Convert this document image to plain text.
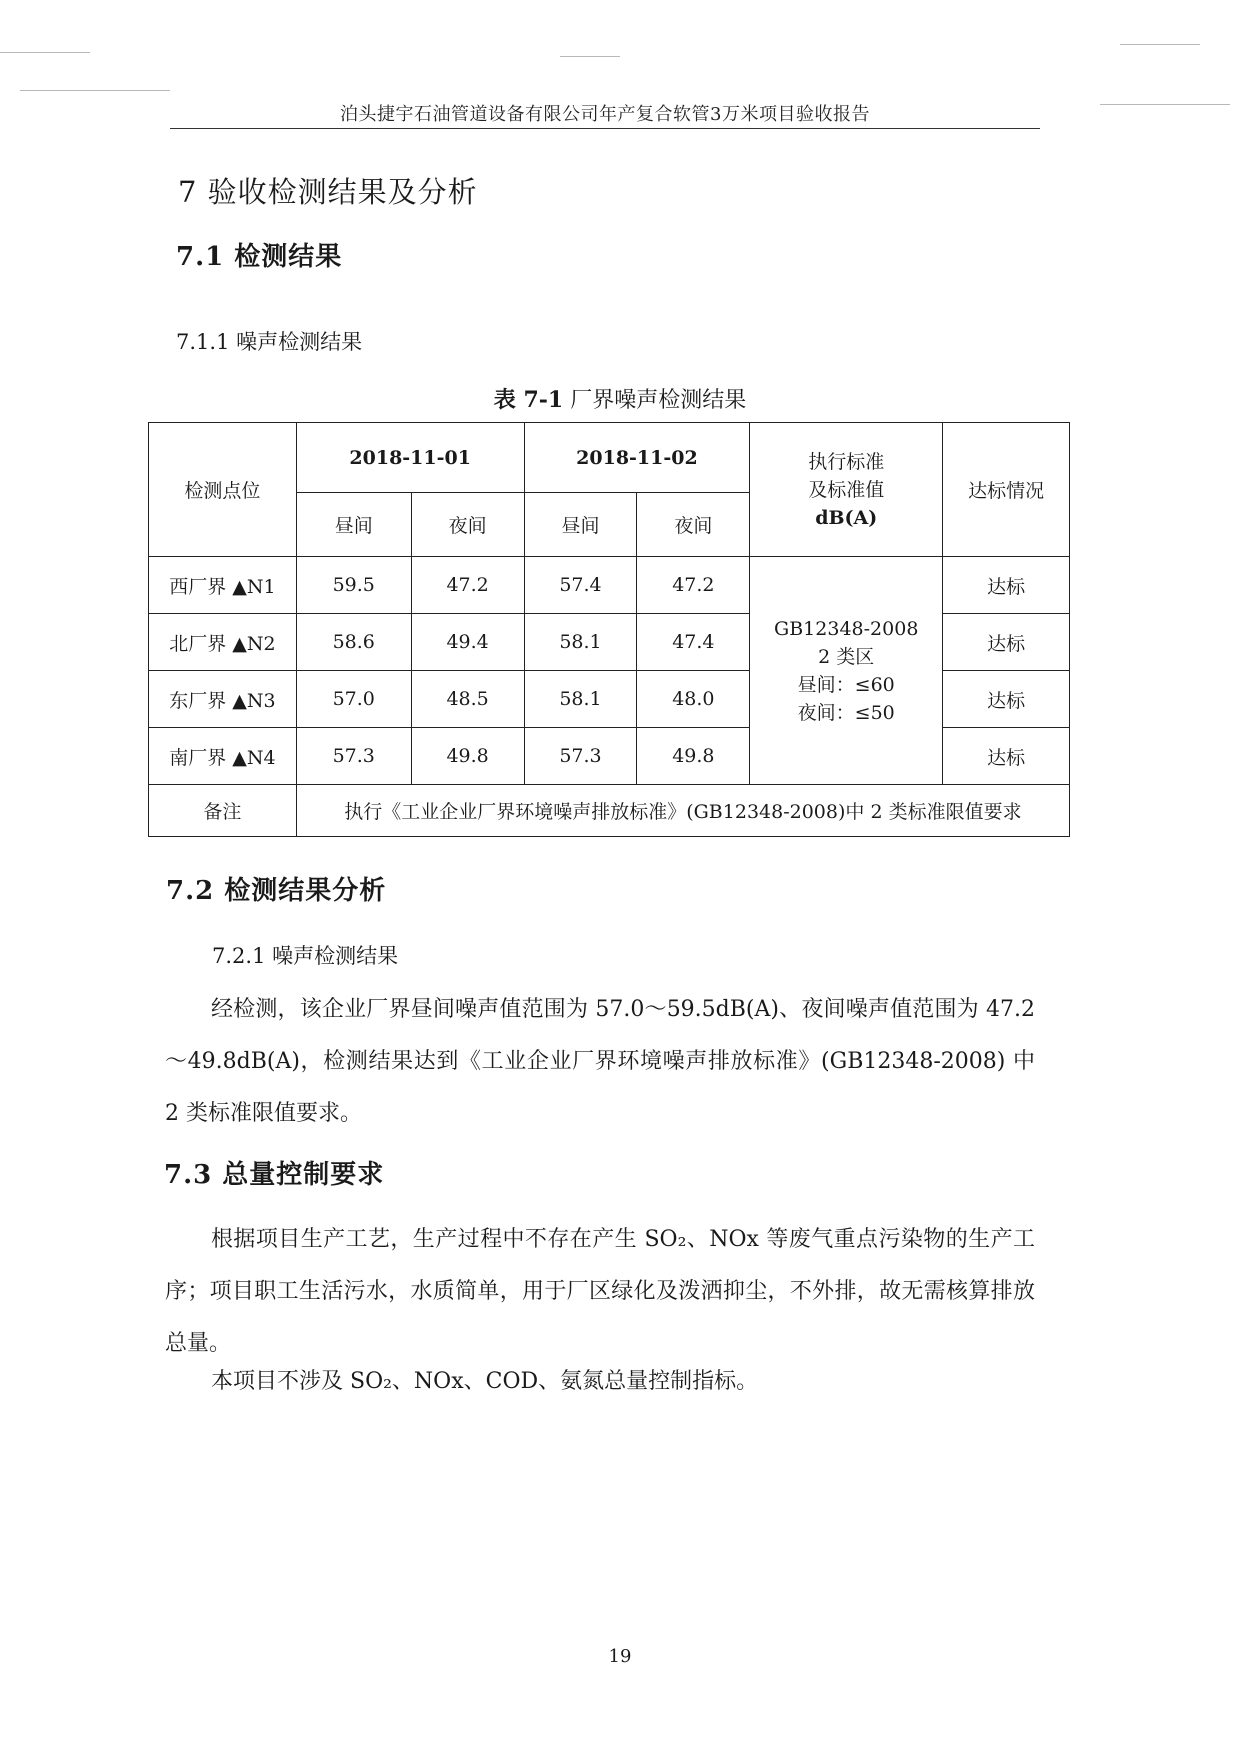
泊头捷宇石油管道设备有限公司年产复合软管3万米项目验收报告
7 验收检测结果及分析
7.1 检测结果
7.1.1 噪声检测结果
表 7-1 厂界噪声检测结果
检测点位	2018-11-01		2018-11-02		执行标准
及标准值
dB(A)	达标情况
	昼间	夜间	昼间	夜间		
西厂界 ▲N1	59.5	47.2	57.4	47.2	GB12348-2008
2 类区
昼间：≤60
夜间：≤50	达标
北厂界 ▲N2	58.6	49.4	58.1	47.4		达标
东厂界 ▲N3	57.0	48.5	58.1	48.0		达标
南厂界 ▲N4	57.3	49.8	57.3	49.8		达标
备注	执行《工业企业厂界环境噪声排放标准》(GB12348-2008)中 2 类标准限值要求					
7.2 检测结果分析
7.2.1 噪声检测结果
经检测，该企业厂界昼间噪声值范围为 57.0～59.5dB(A)、夜间噪声值范围为 47.2～49.8dB(A)，检测结果达到《工业企业厂界环境噪声排放标准》(GB12348-2008) 中 2 类标准限值要求。
7.3 总量控制要求
根据项目生产工艺，生产过程中不存在产生 SO₂、NOx 等废气重点污染物的生产工序；项目职工生活污水，水质简单，用于厂区绿化及泼洒抑尘，不外排，故无需核算排放总量。
本项目不涉及 SO₂、NOx、COD、氨氮总量控制指标。
19
